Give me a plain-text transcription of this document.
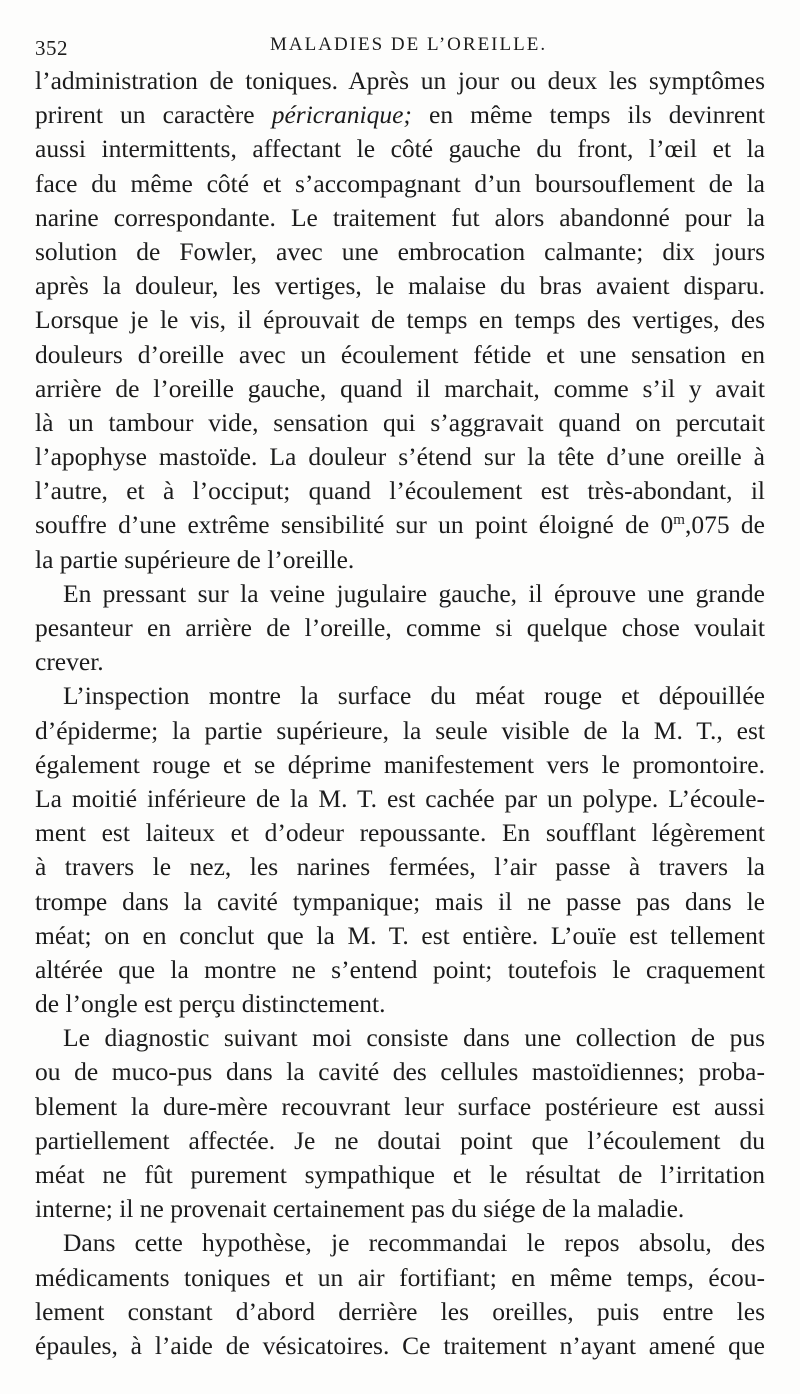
352	MALADIES DE L’OREILLE.
l’administration de toniques. Après un jour ou deux les symptômes
prirent un caractère péricranique; en même temps ils devinrent
aussi intermittents, affectant le côté gauche du front, l’œil et la
face du même côté et s’accompagnant d’un boursouflement de la
narine correspondante. Le traitement fut alors abandonné pour la
solution de Fowler, avec une embrocation calmante; dix jours
après la douleur, les vertiges, le malaise du bras avaient disparu.
Lorsque je le vis, il éprouvait de temps en temps des vertiges, des
douleurs d’oreille avec un écoulement fétide et une sensation en
arrière de l’oreille gauche, quand il marchait, comme s’il y avait
là un tambour vide, sensation qui s’aggravait quand on percutait
l’apophyse mastoïde. La douleur s’étend sur la tête d’une oreille à
l’autre, et à l’occiput; quand l’écoulement est très-abondant, il
souffre d’une extrême sensibilité sur un point éloigné de 0$^m$,075 de
la partie supérieure de l’oreille.
En pressant sur la veine jugulaire gauche, il éprouve une grande
pesanteur en arrière de l’oreille, comme si quelque chose voulait
crever.
L’inspection montre la surface du méat rouge et dépouillée
d’épiderme; la partie supérieure, la seule visible de la M. T., est
également rouge et se déprime manifestement vers le promontoire.
La moitié inférieure de la M. T. est cachée par un polype. L’écoule-
ment est laiteux et d’odeur repoussante. En soufflant légèrement
à travers le nez, les narines fermées, l’air passe à travers la
trompe dans la cavité tympanique; mais il ne passe pas dans le
méat; on en conclut que la M. T. est entière. L’ouïe est tellement
altérée que la montre ne s’entend point; toutefois le craquement
de l’ongle est perçu distinctement.
Le diagnostic suivant moi consiste dans une collection de pus
ou de muco-pus dans la cavité des cellules mastoïdiennes; proba-
blement la dure-mère recouvrant leur surface postérieure est aussi
partiellement affectée. Je ne doutai point que l’écoulement du
méat ne fût purement sympathique et le résultat de l’irritation
interne; il ne provenait certainement pas du siége de la maladie.
Dans cette hypothèse, je recommandai le repos absolu, des
médicaments toniques et un air fortifiant; en même temps, écou-
lement constant d’abord derrière les oreilles, puis entre les
épaules, à l’aide de vésicatoires. Ce traitement n’ayant amené que
